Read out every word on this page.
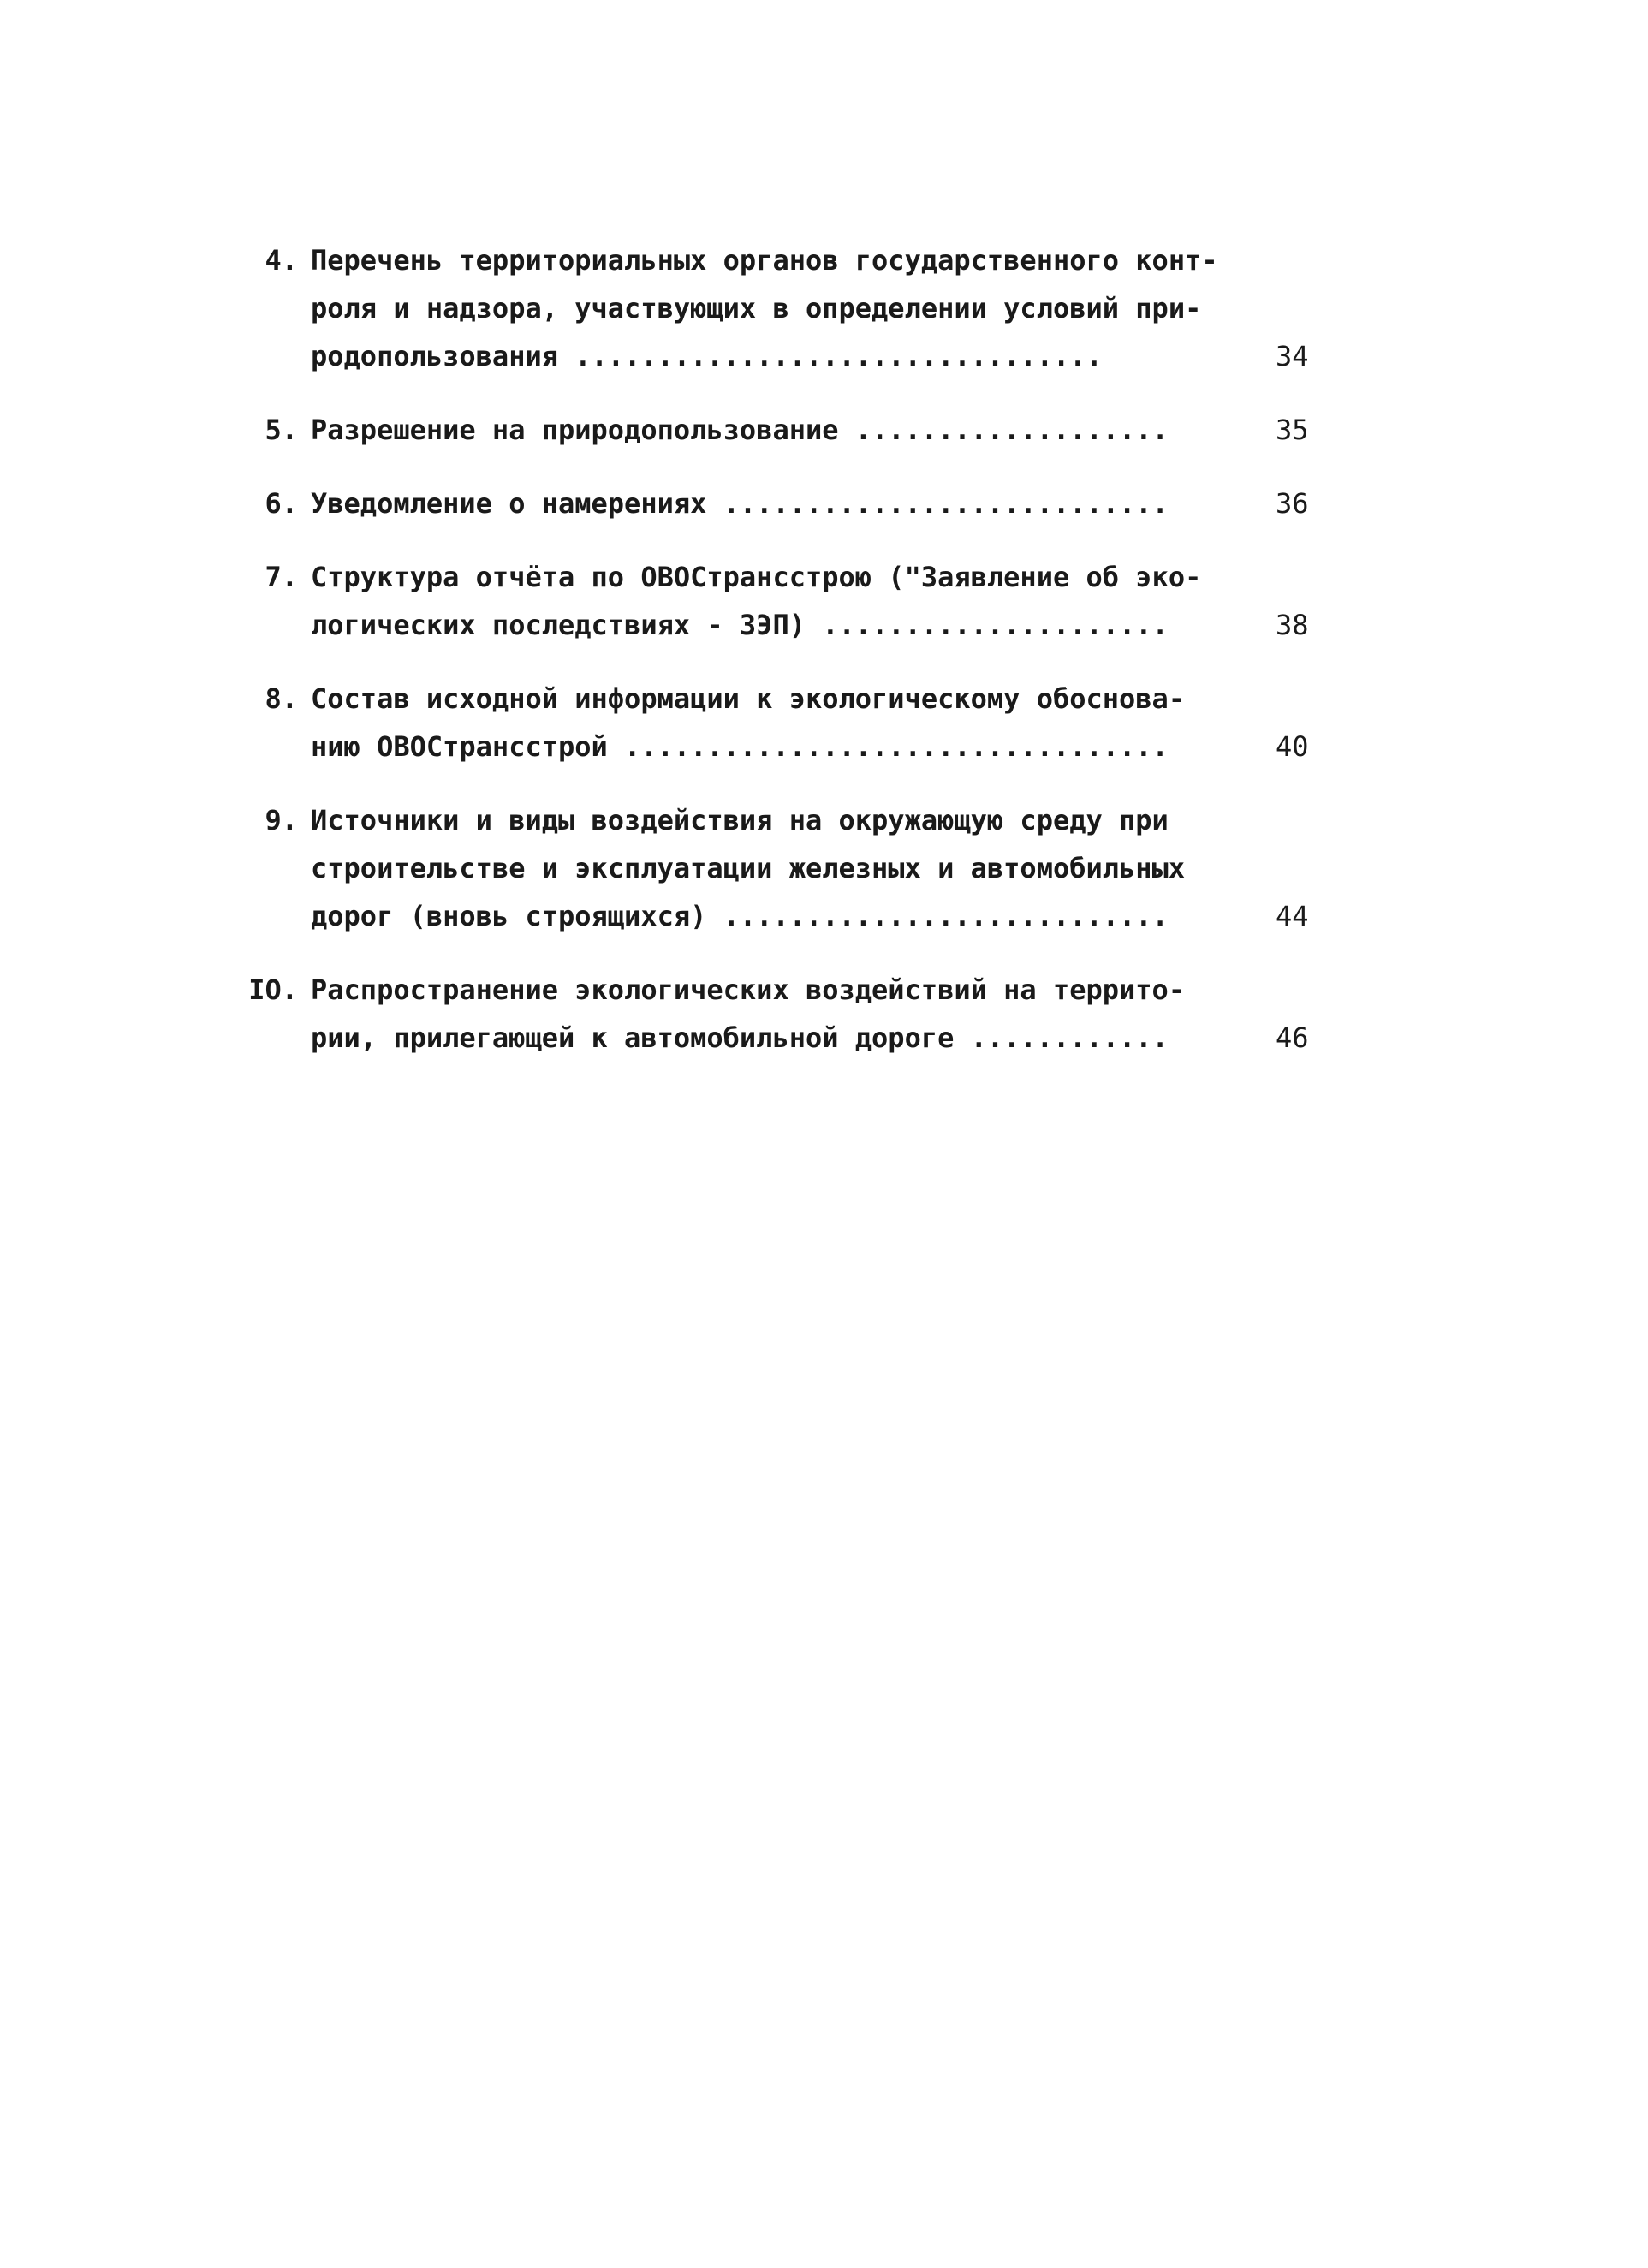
4. Перечень территориальных органов государственного конт-
роля и надзора, участвующих в определении условий при-
родопользования ................................	34
5. Разрешение на природопользование ...................	35
6. Уведомление о намерениях ...........................	36
7. Структура отчёта по ОВОСтрансстрою ("Заявление об эко-
логических последствиях - ЗЭП) .....................	38
8. Состав исходной информации к экологическому обоснова-
нию ОВОСтрансстрой .................................	40
9. Источники и виды воздействия на окружающую среду при
строительстве и эксплуатации железных и автомобильных
дорог (вновь строящихся) ...........................	44
IO. Распространение экологических воздействий на террито-
рии, прилегающей к автомобильной дороге ............	46
